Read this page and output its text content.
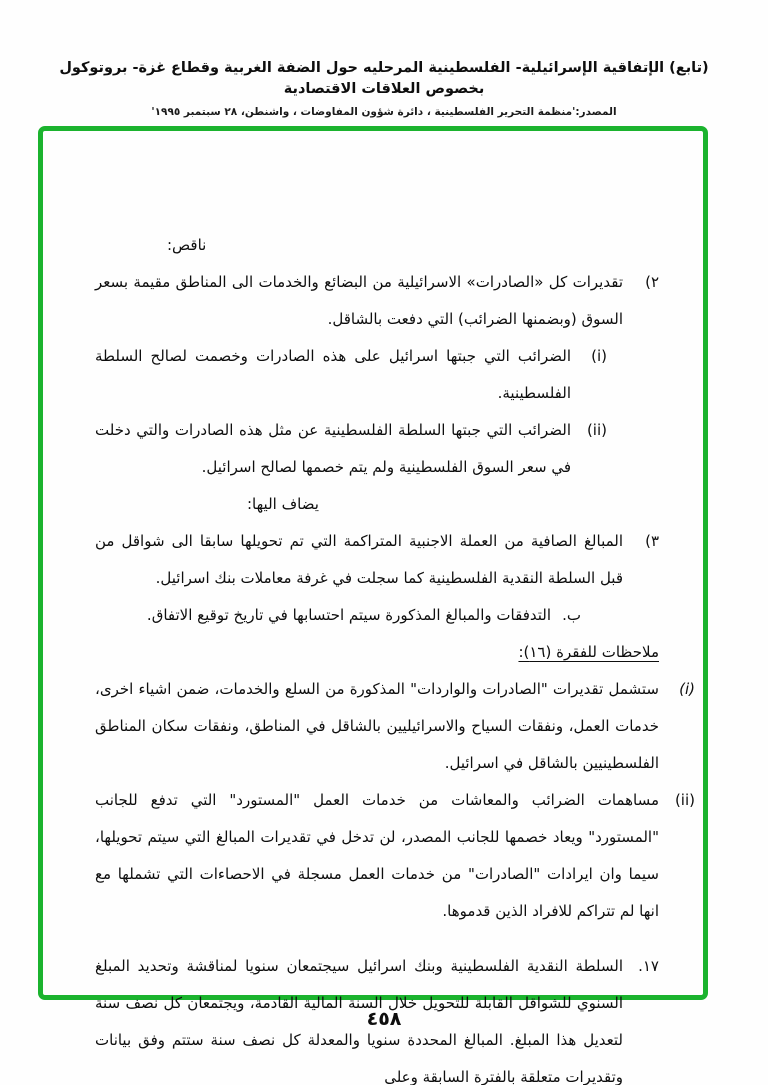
(تابع) الإتفاقية الإسرائيلية- الفلسطينية المرحليه حول الضفة الغربية وقطاع غزة- بروتوكول بخصوص العلاقات الاقتصادية
المصدر:'منظمة التحرير الفلسطينية ، دائرة شؤون المفاوضات ، واشنطن، ٢٨ سبتمبر ١٩٩٥'
ناقص:
٢)
تقديرات كل «الصادرات» الاسرائيلية من البضائع والخدمات الى المناطق مقيمة بسعر السوق (وبضمنها الضرائب) التي دفعت بالشاقل.
(i)
الضرائب التي جبتها اسرائيل على هذه الصادرات وخصمت لصالح السلطة الفلسطينية.
(ii)
الضرائب التي جبتها السلطة الفلسطينية عن مثل هذه الصادرات والتي دخلت في سعر السوق الفلسطينية ولم يتم خصمها لصالح اسرائيل.
يضاف اليها:
٣)
المبالغ الصافية من العملة الاجنبية المتراكمة التي تم تحويلها سابقا الى شواقل من قبل السلطة النقدية الفلسطينية كما سجلت في غرفة معاملات بنك اسرائيل.
ب.
التدفقات والمبالغ المذكورة سيتم احتسابها في تاريخ توقيع الاتفاق.
ملاحظات للفقرة (١٦):
(i)
ستشمل تقديرات "الصادرات والواردات" المذكورة من السلع والخدمات، ضمن اشياء اخرى، خدمات العمل، ونفقات السياح والاسرائيليين بالشاقل في المناطق، ونفقات سكان المناطق الفلسطينيين بالشاقل في اسرائيل.
(ii)
مساهمات الضرائب والمعاشات من خدمات العمل "المستورد" التي تدفع للجانب "المستورد" ويعاد خصمها للجانب المصدر، لن تدخل في تقديرات المبالغ التي سيتم تحويلها، سيما وان ايرادات "الصادرات" من خدمات العمل مسجلة في الاحصاءات التي تشملها مع انها لم تتراكم للافراد الذين قدموها.
١٧.
السلطة النقدية الفلسطينية وبنك اسرائيل سيجتمعان سنويا لمناقشة وتحديد المبلغ السنوي للشواقل القابلة للتحويل خلال السنة المالية القادمة، ويجتمعان كل نصف سنة لتعديل هذا المبلغ. المبالغ المحددة سنويا والمعدلة كل نصف سنة ستتم وفق بيانات وتقديرات متعلقة بالفترة السابقة وعلى
٤٥٨
